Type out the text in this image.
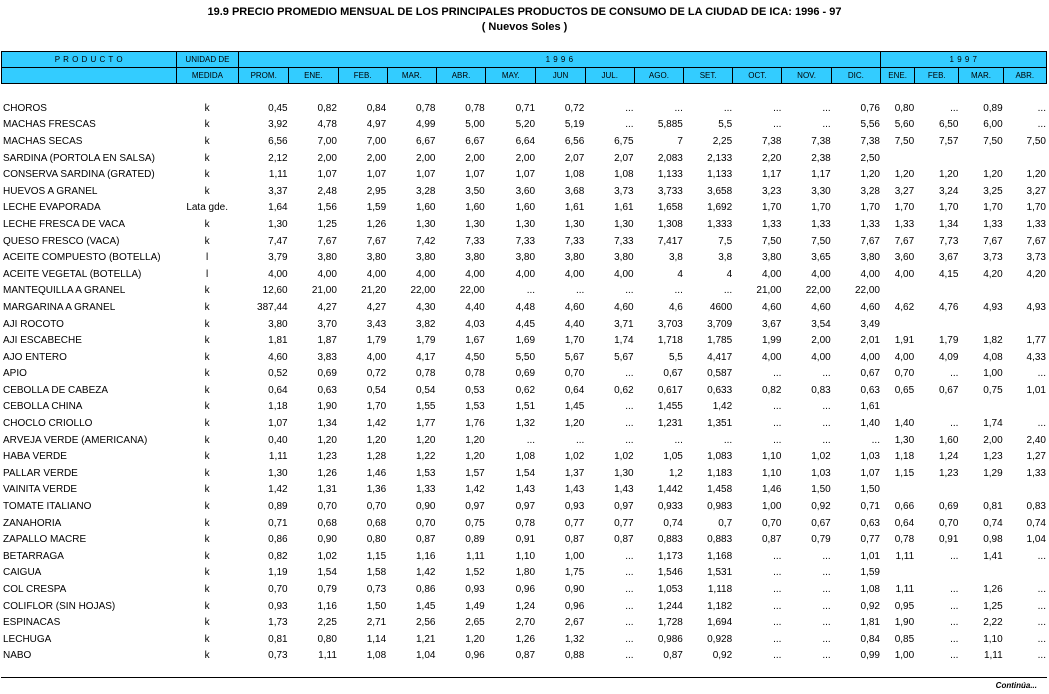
19.9 PRECIO PROMEDIO MENSUAL DE LOS PRINCIPALES PRODUCTOS DE CONSUMO DE LA CIUDAD DE ICA: 1996 - 97
( Nuevos Soles )
P R O D U C T O	UNIDAD DE	1 9 9 6													1 9 9 7			
	MEDIDA	PROM.	ENE.	FEB.	MAR.	ABR.	MAY.	JUN	JUL.	AGO.	SET.	OCT.	NOV.	DIC.	ENE.	FEB.	MAR.	ABR.
CHOROS	k	0,45	0,82	0,84	0,78	0,78	0,71	0,72	...	...	...	...	...	0,76	0,80	...	0,89	...
MACHAS FRESCAS	k	3,92	4,78	4,97	4,99	5,00	5,20	5,19	...	5,885	5,5	...	...	5,56	5,60	6,50	6,00	...
MACHAS SECAS	k	6,56	7,00	7,00	6,67	6,67	6,64	6,56	6,75	7	2,25	7,38	7,38	7,38	7,50	7,57	7,50	7,50
SARDINA (PORTOLA EN SALSA)	k	2,12	2,00	2,00	2,00	2,00	2,00	2,07	2,07	2,083	2,133	2,20	2,38	2,50				
CONSERVA SARDINA (GRATED)	k	1,11	1,07	1,07	1,07	1,07	1,07	1,08	1,08	1,133	1,133	1,17	1,17	1,20	1,20	1,20	1,20	1,20
HUEVOS A GRANEL	k	3,37	2,48	2,95	3,28	3,50	3,60	3,68	3,73	3,733	3,658	3,23	3,30	3,28	3,27	3,24	3,25	3,27
LECHE EVAPORADA	Lata gde.	1,64	1,56	1,59	1,60	1,60	1,60	1,61	1,61	1,658	1,692	1,70	1,70	1,70	1,70	1,70	1,70	1,70
LECHE FRESCA DE VACA	k	1,30	1,25	1,26	1,30	1,30	1,30	1,30	1,30	1,308	1,333	1,33	1,33	1,33	1,33	1,34	1,33	1,33
QUESO FRESCO (VACA)	k	7,47	7,67	7,67	7,42	7,33	7,33	7,33	7,33	7,417	7,5	7,50	7,50	7,67	7,67	7,73	7,67	7,67
ACEITE COMPUESTO (BOTELLA)	l	3,79	3,80	3,80	3,80	3,80	3,80	3,80	3,80	3,8	3,8	3,80	3,65	3,80	3,60	3,67	3,73	3,73
ACEITE VEGETAL (BOTELLA)	l	4,00	4,00	4,00	4,00	4,00	4,00	4,00	4,00	4	4	4,00	4,00	4,00	4,00	4,15	4,20	4,20
MANTEQUILLA A GRANEL	k	12,60	21,00	21,20	22,00	22,00	...	...	...	...	...	21,00	22,00	22,00				
MARGARINA A GRANEL	k	387,44	4,27	4,27	4,30	4,40	4,48	4,60	4,60	4,6	4600	4,60	4,60	4,60	4,62	4,76	4,93	4,93
AJI ROCOTO	k	3,80	3,70	3,43	3,82	4,03	4,45	4,40	3,71	3,703	3,709	3,67	3,54	3,49				
AJI ESCABECHE	k	1,81	1,87	1,79	1,79	1,67	1,69	1,70	1,74	1,718	1,785	1,99	2,00	2,01	1,91	1,79	1,82	1,77
AJO ENTERO	k	4,60	3,83	4,00	4,17	4,50	5,50	5,67	5,67	5,5	4,417	4,00	4,00	4,00	4,00	4,09	4,08	4,33
APIO	k	0,52	0,69	0,72	0,78	0,78	0,69	0,70	...	0,67	0,587	...	...	0,67	0,70	...	1,00	...
CEBOLLA DE CABEZA	k	0,64	0,63	0,54	0,54	0,53	0,62	0,64	0,62	0,617	0,633	0,82	0,83	0,63	0,65	0,67	0,75	1,01
CEBOLLA CHINA	k	1,18	1,90	1,70	1,55	1,53	1,51	1,45	...	1,455	1,42	...	...	1,61				
CHOCLO CRIOLLO	k	1,07	1,34	1,42	1,77	1,76	1,32	1,20	...	1,231	1,351	...	...	1,40	1,40	...	1,74	...
ARVEJA VERDE (AMERICANA)	k	0,40	1,20	1,20	1,20	1,20	...	...	...	...	...	...	...	...	1,30	1,60	2,00	2,40
HABA VERDE	k	1,11	1,23	1,28	1,22	1,20	1,08	1,02	1,02	1,05	1,083	1,10	1,02	1,03	1,18	1,24	1,23	1,27
PALLAR VERDE	k	1,30	1,26	1,46	1,53	1,57	1,54	1,37	1,30	1,2	1,183	1,10	1,03	1,07	1,15	1,23	1,29	1,33
VAINITA VERDE	k	1,42	1,31	1,36	1,33	1,42	1,43	1,43	1,43	1,442	1,458	1,46	1,50	1,50				
TOMATE ITALIANO	k	0,89	0,70	0,70	0,90	0,97	0,97	0,93	0,97	0,933	0,983	1,00	0,92	0,71	0,66	0,69	0,81	0,83
ZANAHORIA	k	0,71	0,68	0,68	0,70	0,75	0,78	0,77	0,77	0,74	0,7	0,70	0,67	0,63	0,64	0,70	0,74	0,74
ZAPALLO MACRE	k	0,86	0,90	0,80	0,87	0,89	0,91	0,87	0,87	0,883	0,883	0,87	0,79	0,77	0,78	0,91	0,98	1,04
BETARRAGA	k	0,82	1,02	1,15	1,16	1,11	1,10	1,00	...	1,173	1,168	...	...	1,01	1,11	...	1,41	...
CAIGUA	k	1,19	1,54	1,58	1,42	1,52	1,80	1,75	...	1,546	1,531	...	...	1,59				
COL CRESPA	k	0,70	0,79	0,73	0,86	0,93	0,96	0,90	...	1,053	1,118	...	...	1,08	1,11	...	1,26	...
COLIFLOR (SIN HOJAS)	k	0,93	1,16	1,50	1,45	1,49	1,24	0,96	...	1,244	1,182	...	...	0,92	0,95	...	1,25	...
ESPINACAS	k	1,73	2,25	2,71	2,56	2,65	2,70	2,67	...	1,728	1,694	...	...	1,81	1,90	...	2,22	...
LECHUGA	k	0,81	0,80	1,14	1,21	1,20	1,26	1,32	...	0,986	0,928	...	...	0,84	0,85	...	1,10	...
NABO	k	0,73	1,11	1,08	1,04	0,96	0,87	0,88	...	0,87	0,92	...	...	0,99	1,00	...	1,11	...
Continúa...
